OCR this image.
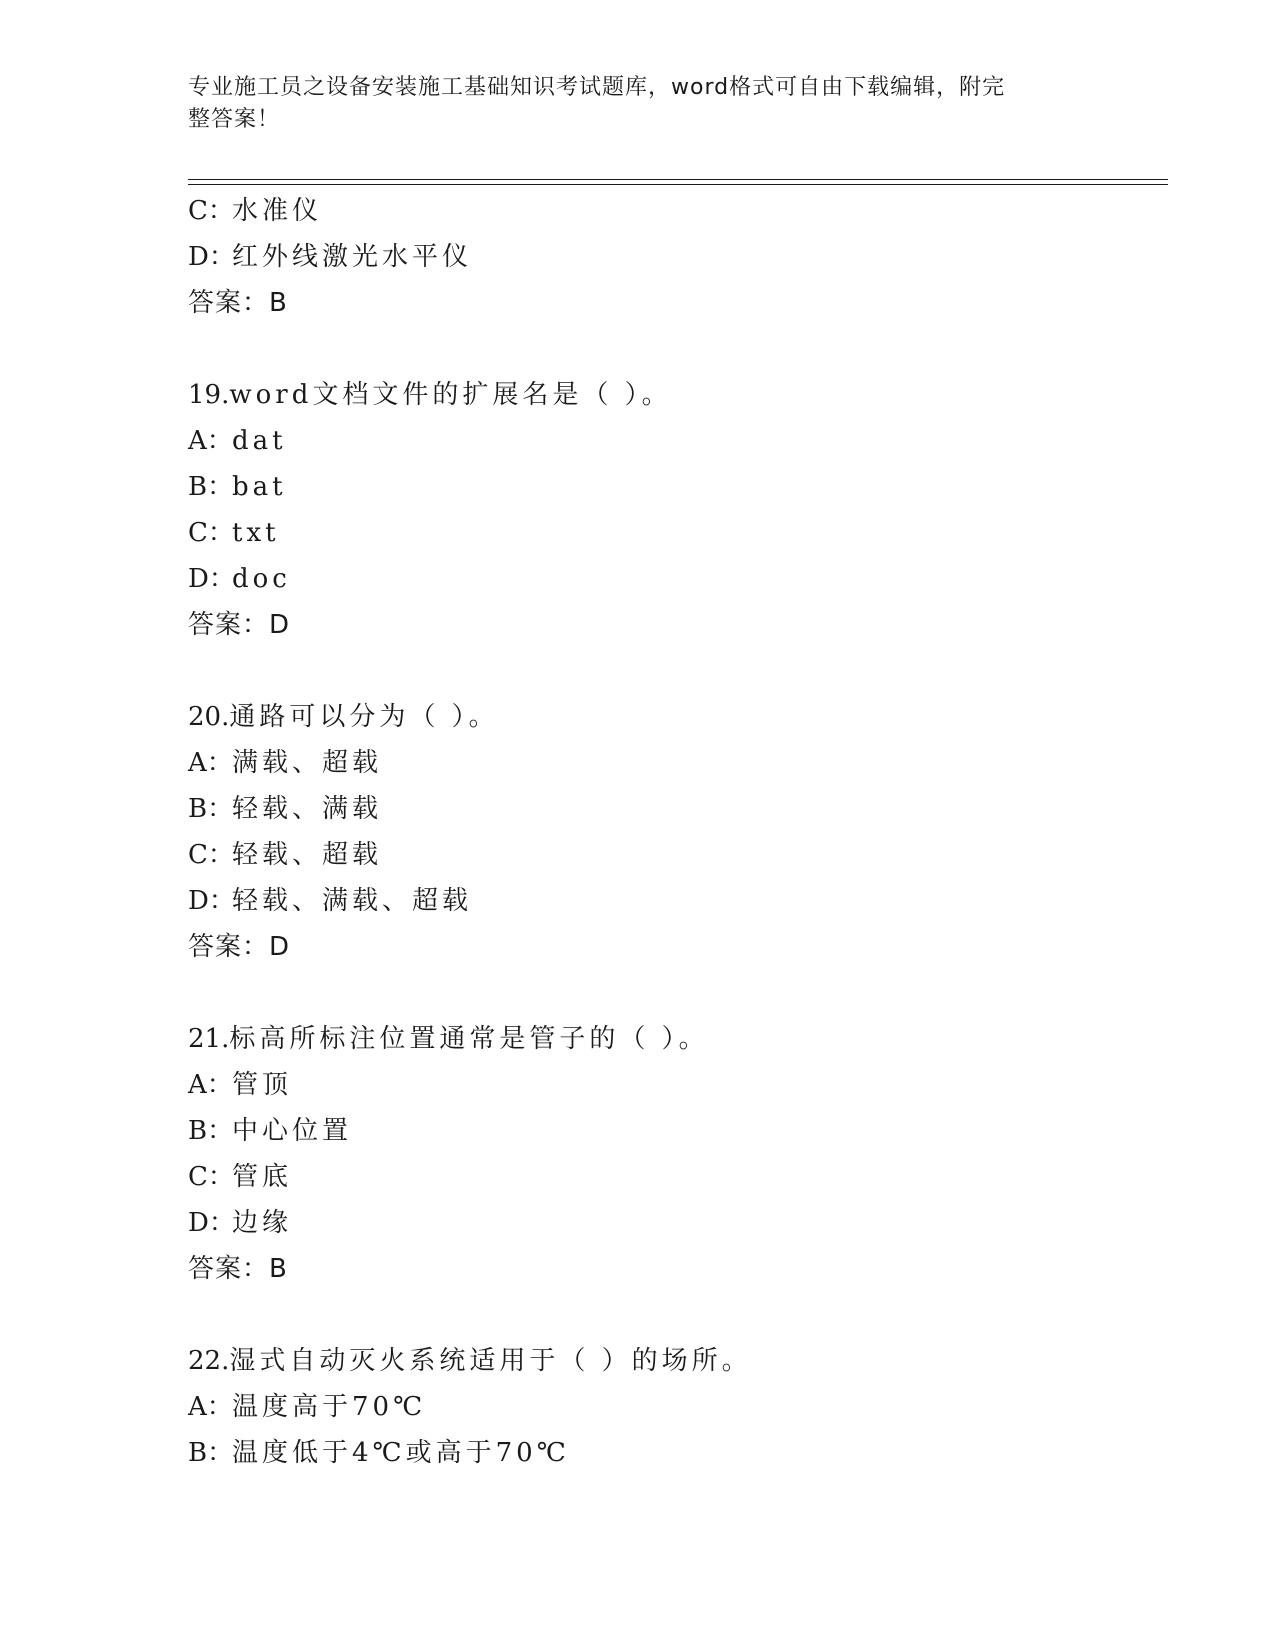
专业施工员之设备安装施工基础知识考试题库，word格式可自由下载编辑，附完
整答案！
C：水准仪
D：红外线激光水平仪
答案：B
19.word文档文件的扩展名是（ ）。
A：dat
B：bat
C：txt
D：doc
答案：D
20.通路可以分为（ ）。
A：满载、超载
B：轻载、满载
C：轻载、超载
D：轻载、满载、超载
答案：D
21.标高所标注位置通常是管子的（ ）。
A：管顶
B：中心位置
C：管底
D：边缘
答案：B
22.湿式自动灭火系统适用于（ ）的场所。
A：温度高于70℃
B：温度低于4℃或高于70℃
